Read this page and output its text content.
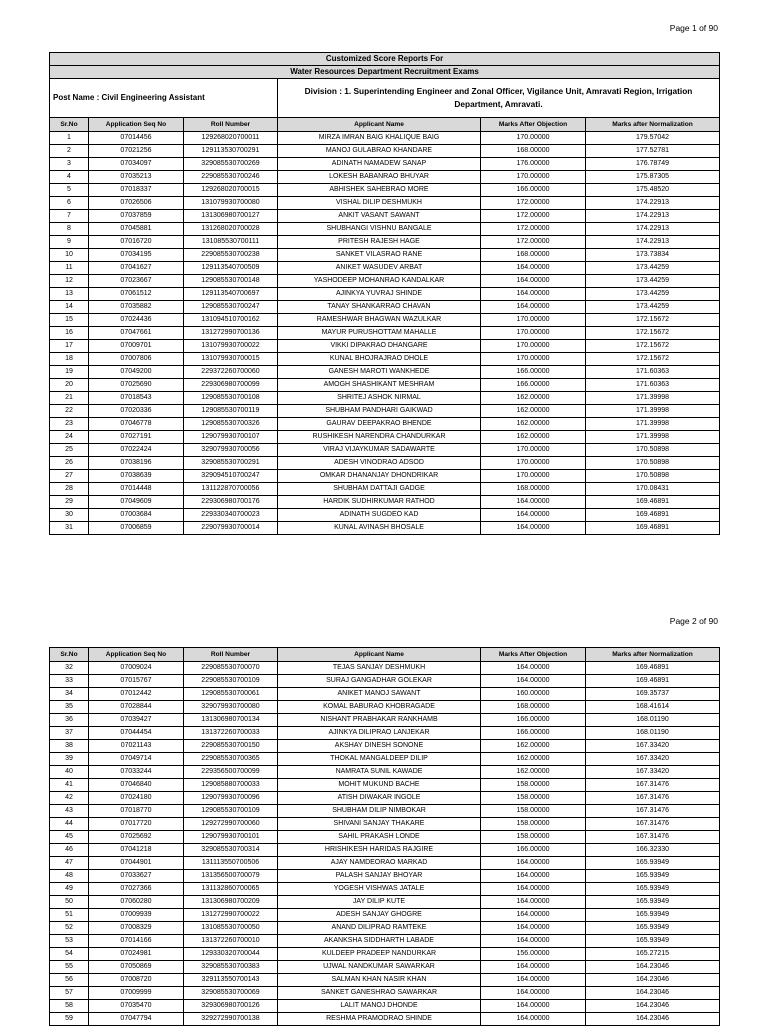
Page 1 of 90
Customized Score Reports For					
Water Resources Department Recruitment Exams					
Post Name : Civil Engineering Assistant			Division : 1. Superintending Engineer and Zonal Officer, Vigilance Unit, Amravati Region, Irrigation Department, Amravati.		
Sr.No	Application Seq No	Roll Number	Applicant Name	Marks After Objection	Marks after Normalization
1	07014456	129268020700011	MIRZA IMRAN BAIG KHALIQUE BAIG	170.00000	179.57042
2	07021256	129113530700291	MANOJ GULABRAO KHANDARE	168.00000	177.52781
3	07034097	329085530700269	ADINATH NAMADEW SANAP	176.00000	176.78749
4	07035213	229085530700246	LOKESH BABANRAO BHUYAR	170.00000	175.87305
5	07018337	129268020700015	ABHISHEK SAHEBRAO MORE	166.00000	175.48520
6	07026506	131079930700080	VISHAL DILIP DESHMUKH	172.00000	174.22913
7	07037859	131306980700127	ANKIT VASANT SAWANT	172.00000	174.22913
8	07045881	131268020700028	SHUBHANGI VISHNU BANGALE	172.00000	174.22913
9	07016720	131085530700111	PRITESH RAJESH HAGE	172.00000	174.22913
10	07034195	229085530700238	SANKET VILASRAO RANE	168.00000	173.73834
11	07041627	129113540700509	ANIKET WASUDEV ARBAT	164.00000	173.44259
12	07023667	129085530700148	YASHODEEP MOHANRAO KANDALKAR	164.00000	173.44259
13	07061512	129113540700697	AJINKYA YUVRAJ SHINDE	164.00000	173.44259
14	07035882	129085530700247	TANAY SHANKARRAO CHAVAN	164.00000	173.44259
15	07024436	131094510700162	RAMESHWAR BHAGWAN WAZULKAR	170.00000	172.15672
16	07047661	131272990700136	MAYUR PURUSHOTTAM MAHALLE	170.00000	172.15672
17	07009701	131079930700022	VIKKI DIPAKRAO DHANGARE	170.00000	172.15672
18	07007806	131079930700015	KUNAL BHOJRAJRAO DHOLE	170.00000	172.15672
19	07049200	229372260700060	GANESH MAROTI WANKHEDE	166.00000	171.60363
20	07025690	229306980700099	AMOGH SHASHIKANT MESHRAM	166.00000	171.60363
21	07018543	129085530700108	SHRITEJ ASHOK NIRMAL	162.00000	171.39998
22	07020336	129085530700119	SHUBHAM PANDHARI GAIKWAD	162.00000	171.39998
23	07046778	129085530700326	GAURAV DEEPAKRAO BHENDE	162.00000	171.39998
24	07027191	129079930700107	RUSHIKESH NARENDRA CHANDURKAR	162.00000	171.39998
25	07022424	329079930700056	VIRAJ VIJAYKUMAR SADAWARTE	170.00000	170.50898
26	07038196	329085530700291	ADESH VINODRAO ADSOD	170.00000	170.50898
27	07038639	329094510700247	OMKAR DHANANJAY DHONDRIKAR	170.00000	170.50898
28	07014448	131122870700056	SHUBHAM DATTAJI GADGE	168.00000	170.08431
29	07049609	229306980700176	HARDIK SUDHIRKUMAR RATHOD	164.00000	169.46891
30	07003684	229330340700023	ADINATH SUGDEO KAD	164.00000	169.46891
31	07006859	229079930700014	KUNAL AVINASH BHOSALE	164.00000	169.46891
Page 2 of 90
Sr.No	Application Seq No	Roll Number	Applicant Name	Marks After Objection	Marks after Normalization
32	07009024	229085530700070	TEJAS SANJAY DESHMUKH	164.00000	169.46891
33	07015767	229085530700109	SURAJ GANGADHAR GOLEKAR	164.00000	169.46891
34	07012442	129085530700061	ANIKET MANOJ SAWANT	160.00000	169.35737
35	07028844	329079930700080	KOMAL BABURAO KHOBRAGADE	168.00000	168.41614
36	07039427	131306980700134	NISHANT PRABHAKAR RANKHAMB	166.00000	168.01190
37	07044454	131372260700033	AJINKYA DILIPRAO LANJEKAR	166.00000	168.01190
38	07021143	229085530700150	AKSHAY DINESH SONONE	162.00000	167.33420
39	07049714	229085530700365	THOKAL MANGALDEEP DILIP	162.00000	167.33420
40	07033244	229356500700099	NAMRATA SUNIL KAWADE	162.00000	167.33420
41	07046840	129085880700033	MOHIT MUKUND BACHE	158.00000	167.31476
42	07024180	129079930700096	ATISH DIWAKAR INGOLE	158.00000	167.31476
43	07018770	129085530700109	SHUBHAM DILIP NIMBOKAR	158.00000	167.31476
44	07017720	129272990700060	SHIVANI SANJAY THAKARE	158.00000	167.31476
45	07025692	129079930700101	SAHIL PRAKASH LONDE	158.00000	167.31476
46	07041218	329085530700314	HRISHIKESH HARIDAS RAJGIRE	166.00000	166.32330
47	07044901	131113550700506	AJAY NAMDEORAO MARKAD	164.00000	165.93949
48	07033627	131356500700079	PALASH SANJAY BHOYAR	164.00000	165.93949
49	07027366	131132860700065	YOGESH VISHWAS JATALE	164.00000	165.93949
50	07060280	131306980700209	JAY DILIP KUTE	164.00000	165.93949
51	07009939	131272990700022	ADESH SANJAY GHOGRE	164.00000	165.93949
52	07008329	131085530700050	ANAND DILIPRAO RAMTEKE	164.00000	165.93949
53	07014166	131372260700010	AKANKSHA SIDDHARTH LABADE	164.00000	165.93949
54	07024981	129330320700044	KULDEEP PRADEEP NANDURKAR	156.00000	165.27215
55	07050869	329085530700383	UJWAL NANDKUMAR SAWARKAR	164.00000	164.23046
56	07008720	329113550700143	SALMAN KHAN NASIR KHAN	164.00000	164.23046
57	07009999	329085530700069	SANKET GANESHRAO SAWARKAR	164.00000	164.23046
58	07035470	329306980700126	LALIT MANOJ DHONDE	164.00000	164.23046
59	07047794	329272990700138	RESHMA PRAMODRAO SHINDE	164.00000	164.23046
